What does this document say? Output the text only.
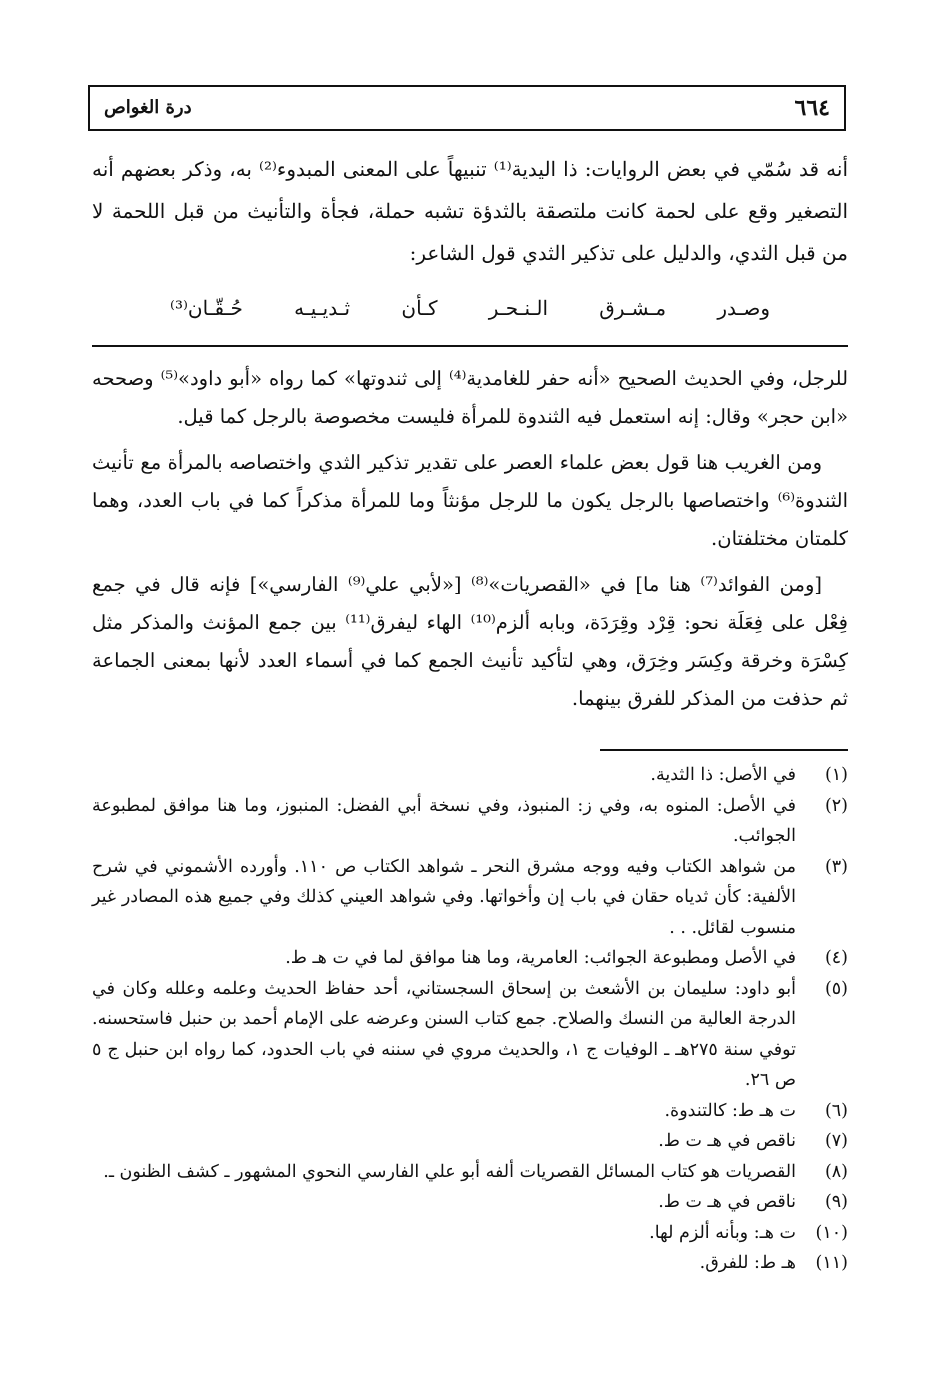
٦٦٤
درة الغواص

أنه قد سُمّي في بعض الروايات: ذا اليدية⁽¹⁾ تنبيهاً على المعنى المبدوء⁽²⁾ به، وذكر بعضهم أنه التصغير وقع على لحمة كانت ملتصقة بالثدؤة تشبه حملة، فجأة والتأنيث من قبل اللحمة لا من قبل الثدي، والدليل على تذكير الثدي قول الشاعر:

وصـدر
مـشـرق
الـنـحـر
كـأن
ثـديـيـه
حُـقّـان⁽³⁾

للرجل، وفي الحديث الصحيح «أنه حفر للغامدية⁽⁴⁾ إلى ثندوتها» كما رواه «أبو داود»⁽⁵⁾ وصححه «ابن حجر» وقال: إنه استعمل فيه الثندوة للمرأة فليست مخصوصة بالرجل كما قيل.

ومن الغريب هنا قول بعض علماء العصر على تقدير تذكير الثدي واختصاصه بالمرأة مع تأنيث الثندوة⁽⁶⁾ واختصاصها بالرجل يكون ما للرجل مؤنثاً وما للمرأة مذكراً كما في باب العدد، وهما كلمتان مختلفتان.

[ومن الفوائد⁽⁷⁾ هنا ما] في «القصريات»⁽⁸⁾ [«لأبي علي⁽⁹⁾ الفارسي»] فإنه قال في جمع فِعْل على فِعَلَة نحو: قِرْد وقِرَدَة، وبابه ألزم⁽¹⁰⁾ الهاء ليفرق⁽¹¹⁾ بين جمع المؤنث والمذكر مثل كِسْرَة وخرقة وكِسَر وخِرَق، وهي لتأكيد تأنيث الجمع كما في أسماء العدد لأنها بمعنى الجماعة ثم حذفت من المذكر للفرق بينهما.

(١)
في الأصل: ذا الثدية.
(٢)
في الأصل: المنوه به، وفي ز: المنبوذ، وفي نسخة أبي الفضل: المنبوز، وما هنا موافق لمطبوعة الجوائب.
(٣)
من شواهد الكتاب وفيه ووجه مشرق النحر ـ شواهد الكتاب ص ١١٠. وأورده الأشموني في شرح الألفية: كأن ثدياه حقان في باب إن وأخواتها. وفي شواهد العيني كذلك وفي جميع هذه المصادر غير منسوب لقائل. . .
(٤)
في الأصل ومطبوعة الجوائب: العامرية، وما هنا موافق لما في ت هـ ط.
(٥)
أبو داود: سليمان بن الأشعث بن إسحاق السجستاني، أحد حفاظ الحديث وعلمه وعلله وكان في الدرجة العالية من النسك والصلاح. جمع كتاب السنن وعرضه على الإمام أحمد بن حنبل فاستحسنه. توفي سنة ٢٧٥هـ ـ الوفيات ج ١، والحديث مروي في سننه في باب الحدود، كما رواه ابن حنبل ج ٥ ص ٢٦.
(٦)
ت هـ ط: كالتندوة.
(٧)
ناقص في هـ ت ط.
(٨)
القصريات هو كتاب المسائل القصريات ألفه أبو علي الفارسي النحوي المشهور ـ كشف الظنون ـ.
(٩)
ناقص في هـ ت ط.
(١٠)
ت هـ: وبأنه ألزم لها.
(١١)
هـ ط: للفرق.
